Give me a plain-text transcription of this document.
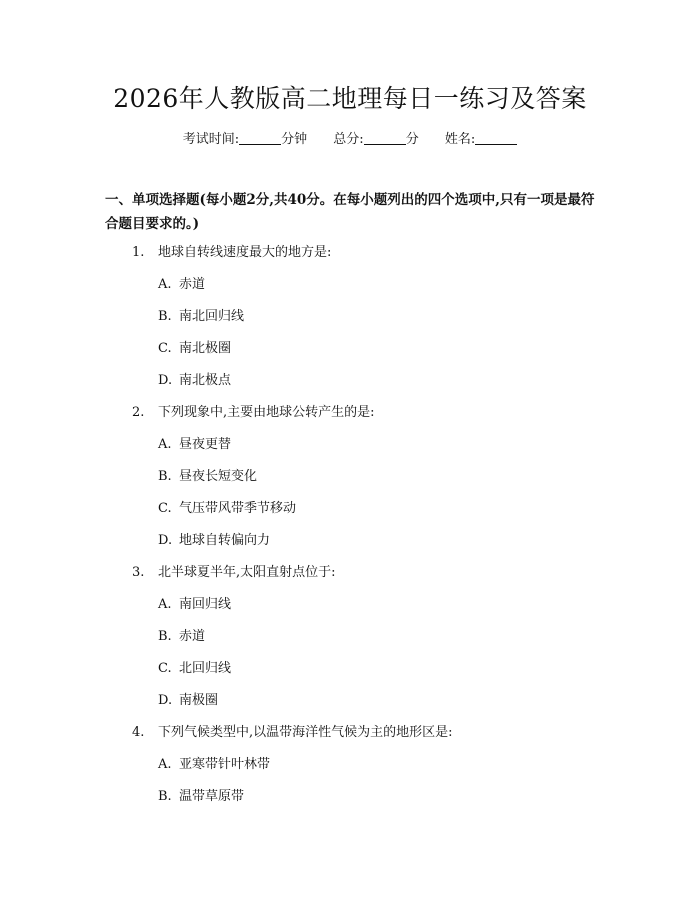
2026年人教版高二地理每日一练习及答案
考试时间:	分钟 总分:	分 姓名:
一、单项选择题(每小题2分,共40分。在每小题列出的四个选项中,只有一项是最符合题目要求的。)
1.	地球自转线速度最大的地方是:
A. 赤道
B. 南北回归线
C. 南北极圈
D. 南北极点
2.	下列现象中,主要由地球公转产生的是:
A. 昼夜更替
B. 昼夜长短变化
C. 气压带风带季节移动
D. 地球自转偏向力
3.	北半球夏半年,太阳直射点位于:
A. 南回归线
B. 赤道
C. 北回归线
D. 南极圈
4.	下列气候类型中,以温带海洋性气候为主的地形区是:
A. 亚寒带针叶林带
B. 温带草原带
